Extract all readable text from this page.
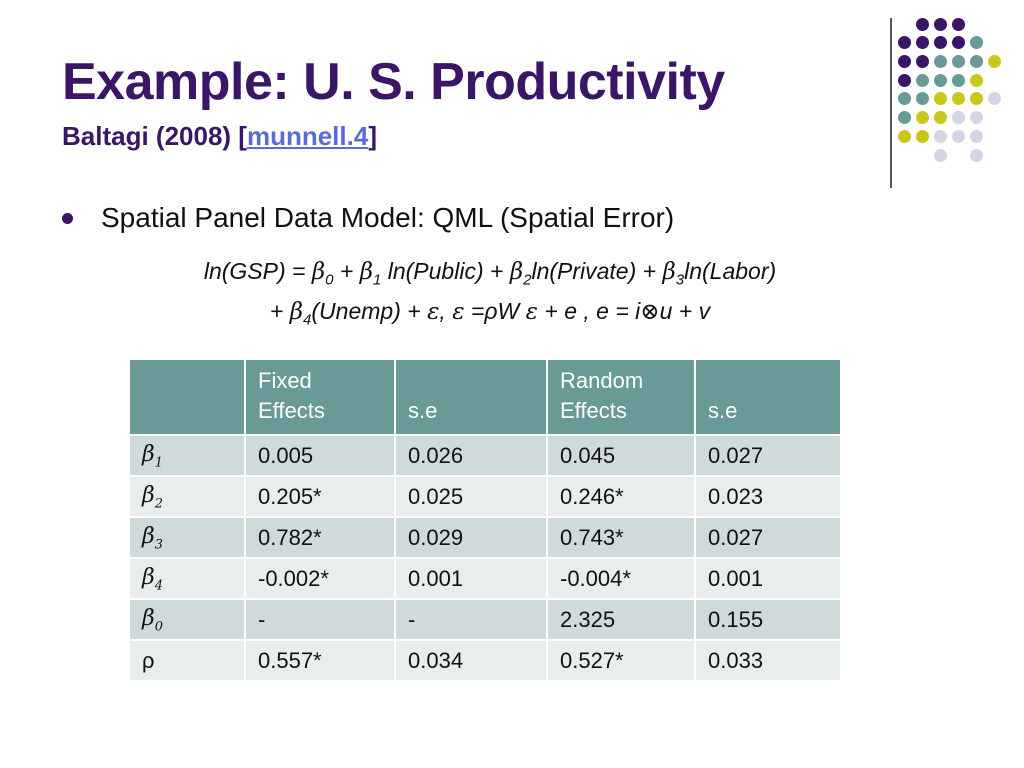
Example: U. S. Productivity
Baltagi (2008) [munnell.4]
Spatial Panel Data Model: QML (Spatial Error)
$\ln(GSP) = \beta_0 + \beta_1$ ln(Public) + $\beta_2\ln(Private)$ + $\beta_3\ln(Labor)$
+ $\beta_4(Unemp) + \varepsilon$, ε =ρW ε + e , e = i⊗u + v

	Fixed Effects	s.e	Random Effects	s.e
$\beta_1$	0.005	0.026	0.045	0.027
$\beta_2$	0.205*	0.025	0.246*	0.023
$\beta_3$	0.782*	0.029	0.743*	0.027
$\beta_4$	-0.002*	0.001	-0.004*	0.001
$\beta_0$	-	-	2.325	0.155
ρ	0.557*	0.034	0.527*	0.033
